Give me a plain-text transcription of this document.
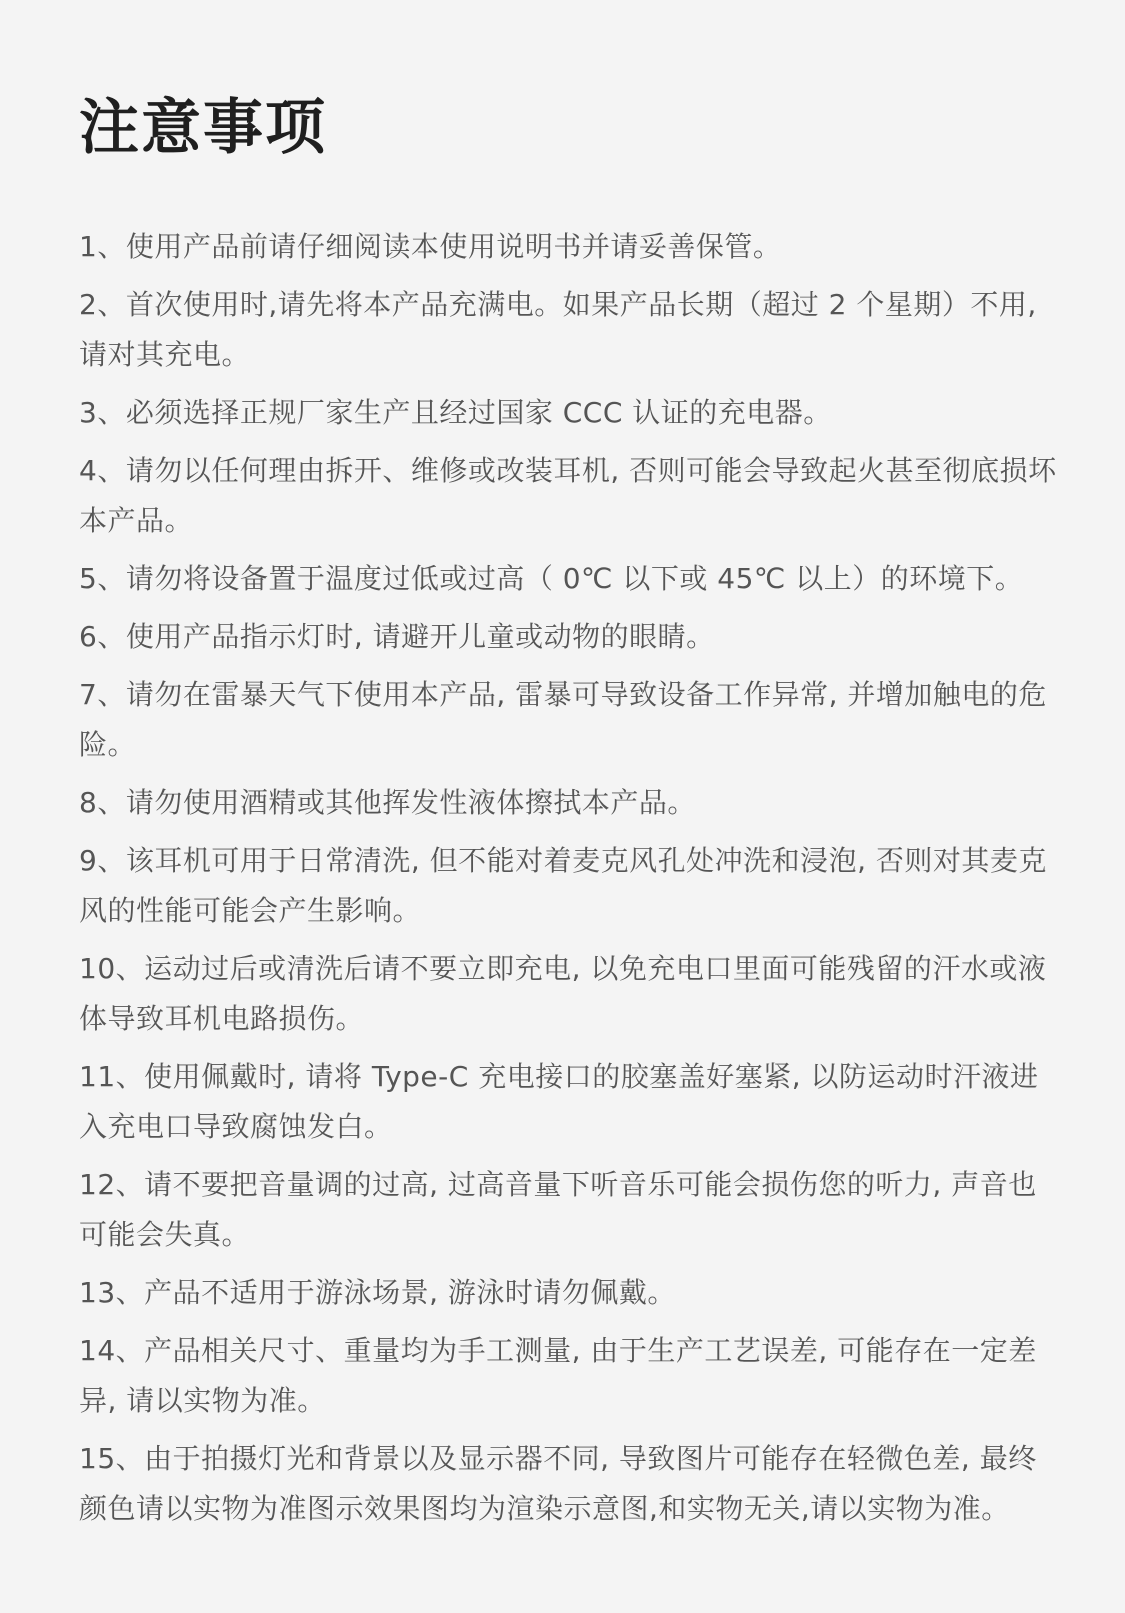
注意事项
1、使用产品前请仔细阅读本使用说明书并请妥善保管。
2、首次使用时,请先将本产品充满电。如果产品长期（超过 2 个星期）不用,请对其充电。
3、必须选择正规厂家生产且经过国家 CCC 认证的充电器。
4、请勿以任何理由拆开、维修或改装耳机, 否则可能会导致起火甚至彻底损坏本产品。
5、请勿将设备置于温度过低或过高（ 0℃ 以下或 45℃ 以上）的环境下。
6、使用产品指示灯时, 请避开儿童或动物的眼睛。
7、请勿在雷暴天气下使用本产品, 雷暴可导致设备工作异常, 并增加触电的危险。
8、请勿使用酒精或其他挥发性液体擦拭本产品。
9、该耳机可用于日常清洗, 但不能对着麦克风孔处冲洗和浸泡, 否则对其麦克风的性能可能会产生影响。
10、运动过后或清洗后请不要立即充电, 以免充电口里面可能残留的汗水或液体导致耳机电路损伤。
11、使用佩戴时, 请将 Type-C 充电接口的胶塞盖好塞紧, 以防运动时汗液进入充电口导致腐蚀发白。
12、请不要把音量调的过高, 过高音量下听音乐可能会损伤您的听力, 声音也可能会失真。
13、产品不适用于游泳场景, 游泳时请勿佩戴。
14、产品相关尺寸、重量均为手工测量, 由于生产工艺误差, 可能存在一定差异, 请以实物为准。
15、由于拍摄灯光和背景以及显示器不同, 导致图片可能存在轻微色差, 最终颜色请以实物为准图示效果图均为渲染示意图,和实物无关,请以实物为准。
